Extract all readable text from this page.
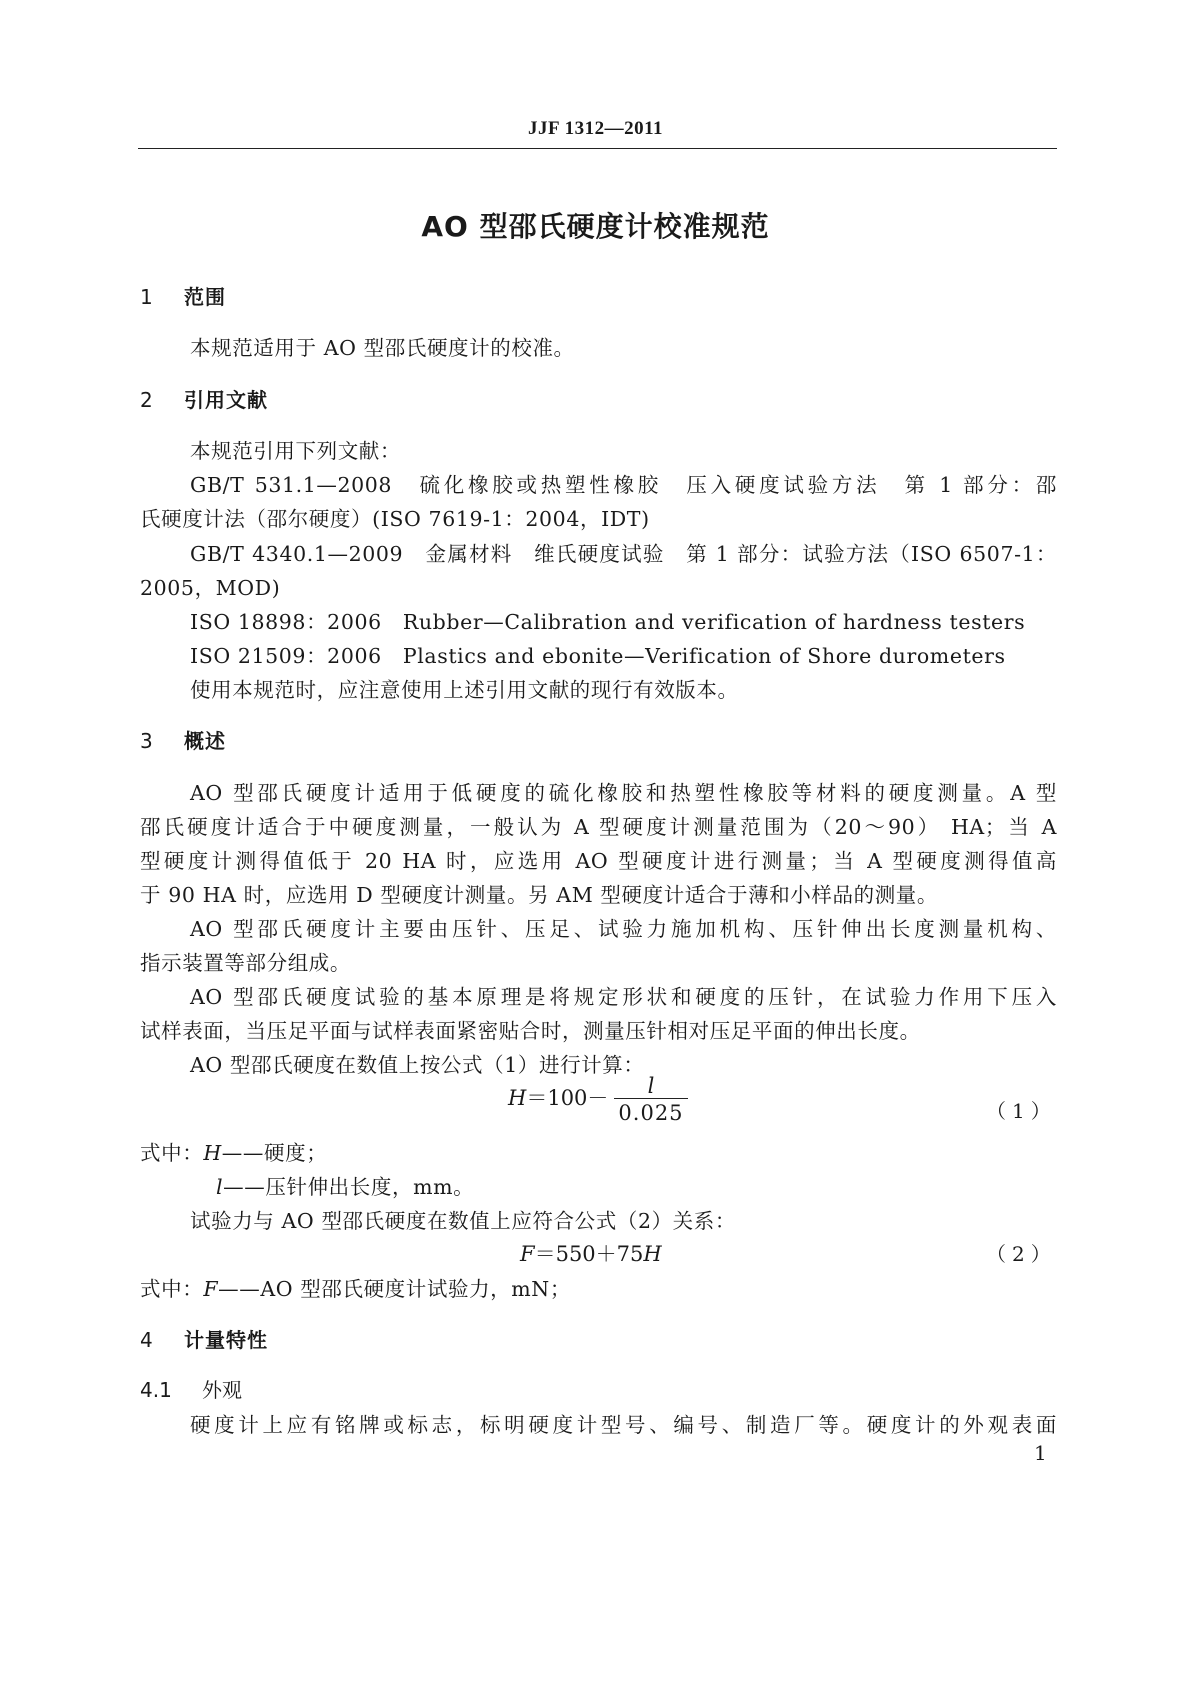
JJF 1312—2011
AO 型邵氏硬度计校准规范
1 范围
本规范适用于 AO 型邵氏硬度计的校准。
2 引用文献
本规范引用下列文献：
GB/T 531.1—2008　硫化橡胶或热塑性橡胶　压入硬度试验方法　第 1 部分：邵
氏硬度计法（邵尔硬度）(ISO 7619-1：2004，IDT)
GB/T 4340.1—2009　金属材料　维氏硬度试验　第 1 部分：试验方法（ISO 6507-1：
2005，MOD)
ISO 18898：2006　Rubber—Calibration and verification of hardness testers
ISO 21509：2006　Plastics and ebonite—Verification of Shore durometers
使用本规范时，应注意使用上述引用文献的现行有效版本。
3 概述
AO 型邵氏硬度计适用于低硬度的硫化橡胶和热塑性橡胶等材料的硬度测量。A 型
邵氏硬度计适合于中硬度测量，一般认为 A 型硬度计测量范围为（20～90） HA；当 A
型硬度计测得值低于 20 HA 时，应选用 AO 型硬度计进行测量；当 A 型硬度测得值高
于 90 HA 时，应选用 D 型硬度计测量。另 AM 型硬度计适合于薄和小样品的测量。
AO 型邵氏硬度计主要由压针、压足、试验力施加机构、压针伸出长度测量机构、
指示装置等部分组成。
AO 型邵氏硬度试验的基本原理是将规定形状和硬度的压针，在试验力作用下压入
试样表面，当压足平面与试样表面紧密贴合时，测量压针相对压足平面的伸出长度。
AO 型邵氏硬度在数值上按公式（1）进行计算：
$H=100- \frac{l}{0.025}$	（1）
式中：H——硬度；
l——压针伸出长度，mm。
试验力与 AO 型邵氏硬度在数值上应符合公式（2）关系：
F＝550＋75H	（2）
式中：F——AO 型邵氏硬度计试验力，mN；
4 计量特性
4.1 外观
硬度计上应有铭牌或标志，标明硬度计型号、编号、制造厂等。硬度计的外观表面
1
